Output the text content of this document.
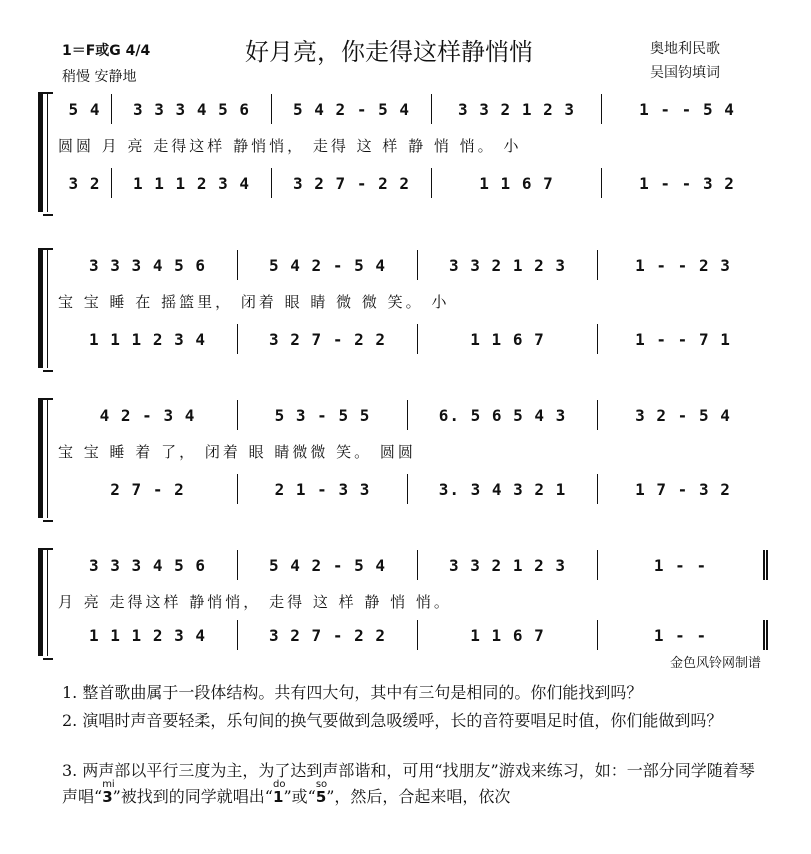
1＝F或G 4/4
稍慢 安静地
好月亮，你走得这样静悄悄	奥地利民歌
吴国钧填词
5 4	3 3 3 4 5 6	5 4 2 - 5 4	3 3 2 1 2 3	1 - - 5 4
圆圆 月 亮 走得这样 静悄悄， 走得 这 样 静 悄 悄。 小
3 2	1 1 1 2 3 4	3 2 7 - 2 2	1 1 6 7	1 - - 3 2
3 3 3 4 5 6	5 4 2 - 5 4	3 3 2 1 2 3	1 - - 2 3
宝 宝 睡 在 摇篮里， 闭着 眼 睛 微 微 笑。 小
1 1 1 2 3 4	3 2 7 - 2 2	1 1 6 7	1 - - 7 1
4 2 - 3 4	5 3 - 5 5	6. 5 6 5 4 3	3 2 - 5 4
宝 宝 睡 着 了， 闭着 眼 睛微微 笑。 圆圆
2 7 - 2	2 1 - 3 3	3. 3 4 3 2 1	1 7 - 3 2
3 3 3 4 5 6	5 4 2 - 5 4	3 3 2 1 2 3	1 - -
月 亮 走得这样 静悄悄， 走得 这 样 静 悄 悄。
1 1 1 2 3 4	3 2 7 - 2 2	1 1 6 7	1 - -
金色风铃网制谱
1. 整首歌曲属于一段体结构。共有四大句，其中有三句是相同的。你们能找到吗？
2. 演唱时声音要轻柔，乐句间的换气要做到急吸缓呼，长的音符要唱足时值，你们能做到吗？
3. 两声部以平行三度为主，为了达到声部谐和，可用“找朋友”游戏来练习，如：一部分同学随着琴声唱“
mi
3”被找到的同学就唱出“
do
1”或“
so
5”，然后，合起来唱，依次
